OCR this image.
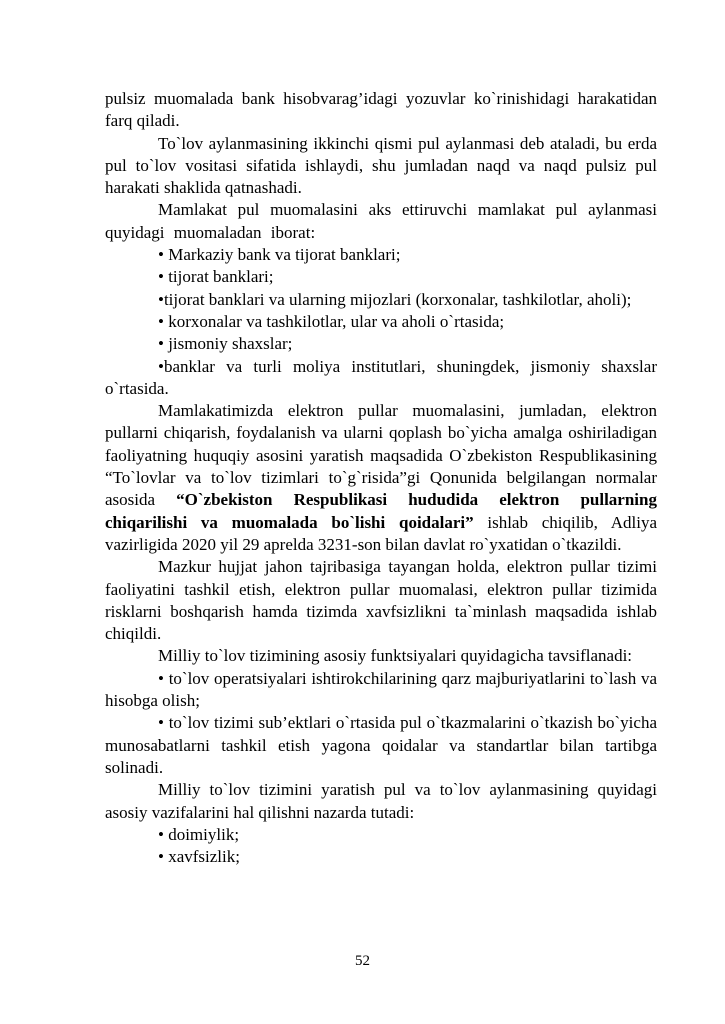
pulsiz muomalada bank hisobvarag’idagi yozuvlar ko`rinishidagi harakatidan farq qiladi.

To`lov aylanmasining ikkinchi qismi pul aylanmasi deb ataladi, bu erda pul to`lov vositasi sifatida ishlaydi, shu jumladan naqd va naqd pulsiz pul harakati shaklida qatnashadi.

Mamlakat pul muomalasini aks ettiruvchi mamlakat pul aylanmasi quyidagi muomaladan iborat:

• Markaziy bank va tijorat banklari;

• tijorat banklari;

•tijorat banklari va ularning mijozlari (korxonalar, tashkilotlar, aholi);

• korxonalar va tashkilotlar, ular va aholi o`rtasida;

• jismoniy shaxslar;

•banklar va turli moliya institutlari, shuningdek, jismoniy shaxslar o`rtasida.

Mamlakatimizda elektron pullar muomalasini, jumladan, elektron pullarni chiqarish, foydalanish va ularni qoplash bo`yicha amalga oshiriladigan faoliyatning huquqiy asosini yaratish maqsadida O`zbekiston Respublikasining “To`lovlar va to`lov tizimlari to`g`risida”gi Qonunida belgilangan normalar asosida “O`zbekiston Respublikasi hududida elektron pullarning chiqarilishi va muomalada bo`lishi qoidalari” ishlab chiqilib, Adliya vazirligida 2020 yil 29 aprelda 3231-son bilan davlat ro`yxatidan o`tkazildi.

Mazkur hujjat jahon tajribasiga tayangan holda, elektron pullar tizimi faoliyatini tashkil etish, elektron pullar muomalasi, elektron pullar tizimida risklarni boshqarish hamda tizimda xavfsizlikni ta`minlash maqsadida ishlab chiqildi.

Milliy to`lov tizimining asosiy funktsiyalari quyidagicha tavsiflanadi:

• to`lov operatsiyalari ishtirokchilarining qarz majburiyatlarini to`lash va hisobga olish;

• to`lov tizimi sub’ektlari o`rtasida pul o`tkazmalarini o`tkazish bo`yicha munosabatlarni tashkil etish yagona qoidalar va standartlar bilan tartibga solinadi.

Milliy to`lov tizimini yaratish pul va to`lov aylanmasining quyidagi asosiy vazifalarini hal qilishni nazarda tutadi:

• doimiylik;

• xavfsizlik;

52
